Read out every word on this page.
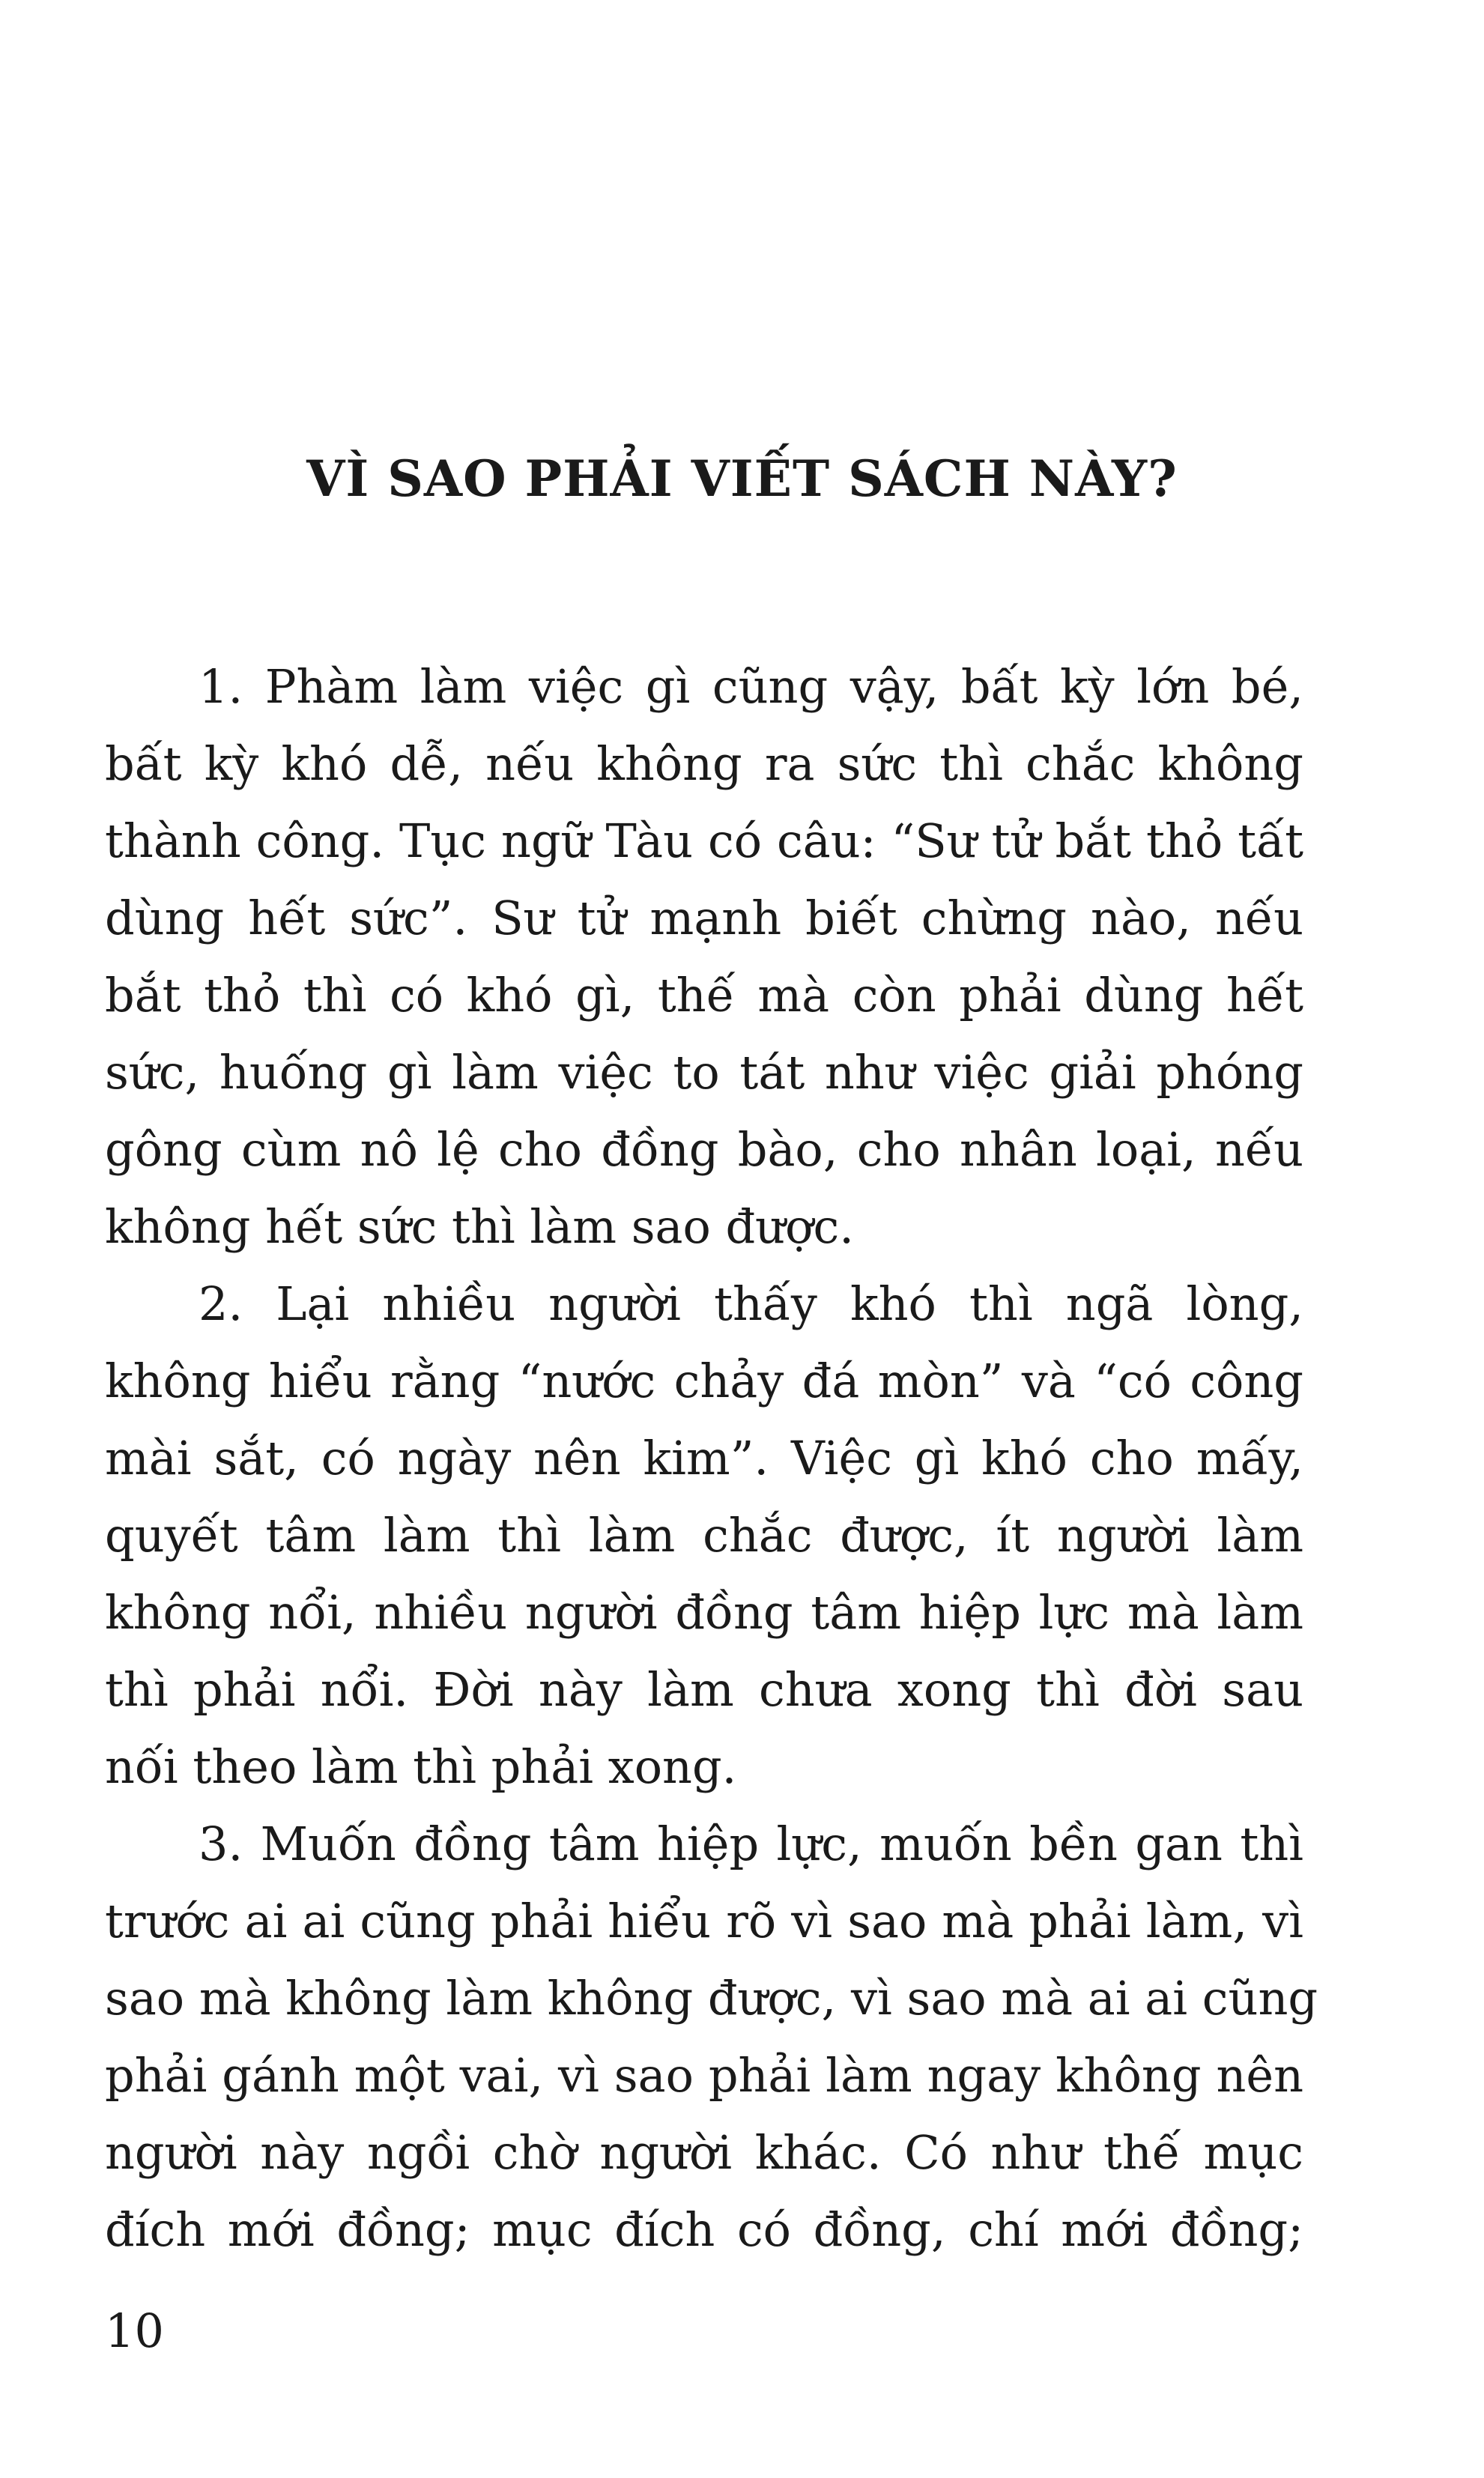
VÌ SAO PHẢI VIẾT SÁCH NÀY?
1. Phàm làm việc gì cũng vậy, bất kỳ lớn bé,
bất kỳ khó dễ, nếu không ra sức thì chắc không
thành công. Tục ngữ Tàu có câu: “Sư tử bắt thỏ tất
dùng hết sức”. Sư tử mạnh biết chừng nào, nếu
bắt thỏ thì có khó gì, thế mà còn phải dùng hết
sức, huống gì làm việc to tát như việc giải phóng
gông cùm nô lệ cho đồng bào, cho nhân loại, nếu
không hết sức thì làm sao được.
2. Lại nhiều người thấy khó thì ngã lòng,
không hiểu rằng “nước chảy đá mòn” và “có công
mài sắt, có ngày nên kim”. Việc gì khó cho mấy,
quyết tâm làm thì làm chắc được, ít người làm
không nổi, nhiều người đồng tâm hiệp lực mà làm
thì phải nổi. Đời này làm chưa xong thì đời sau
nối theo làm thì phải xong.
3. Muốn đồng tâm hiệp lực, muốn bền gan thì
trước ai ai cũng phải hiểu rõ vì sao mà phải làm, vì
sao mà không làm không được, vì sao mà ai ai cũng
phải gánh một vai, vì sao phải làm ngay không nên
người này ngồi chờ người khác. Có như thế mục
đích mới đồng; mục đích có đồng, chí mới đồng;
10
